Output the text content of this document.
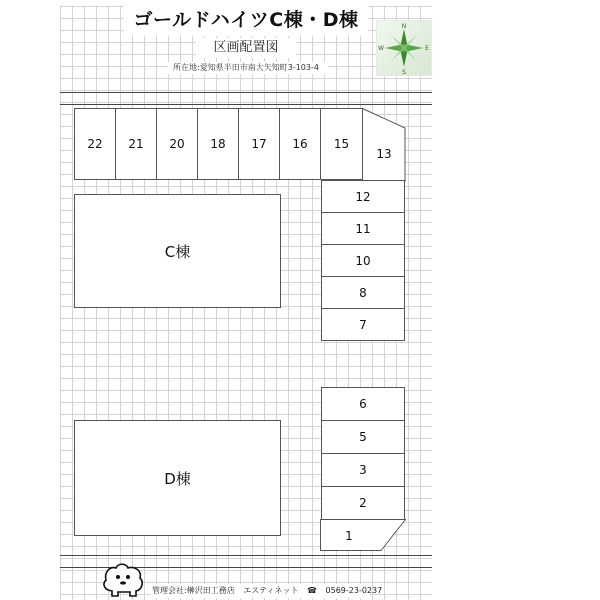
ゴールドハイツC棟・D棟
区画配置図
所在地:愛知県半田市南大矢知町3-103-4
N
S
E
W
22	21	20	18	17	16	15
13
12
11
10
8
7
6
5
3
2
1
C棟
D棟
管理会社:榊沢田工務店 エスティネット ☎ 0569-23-0237
